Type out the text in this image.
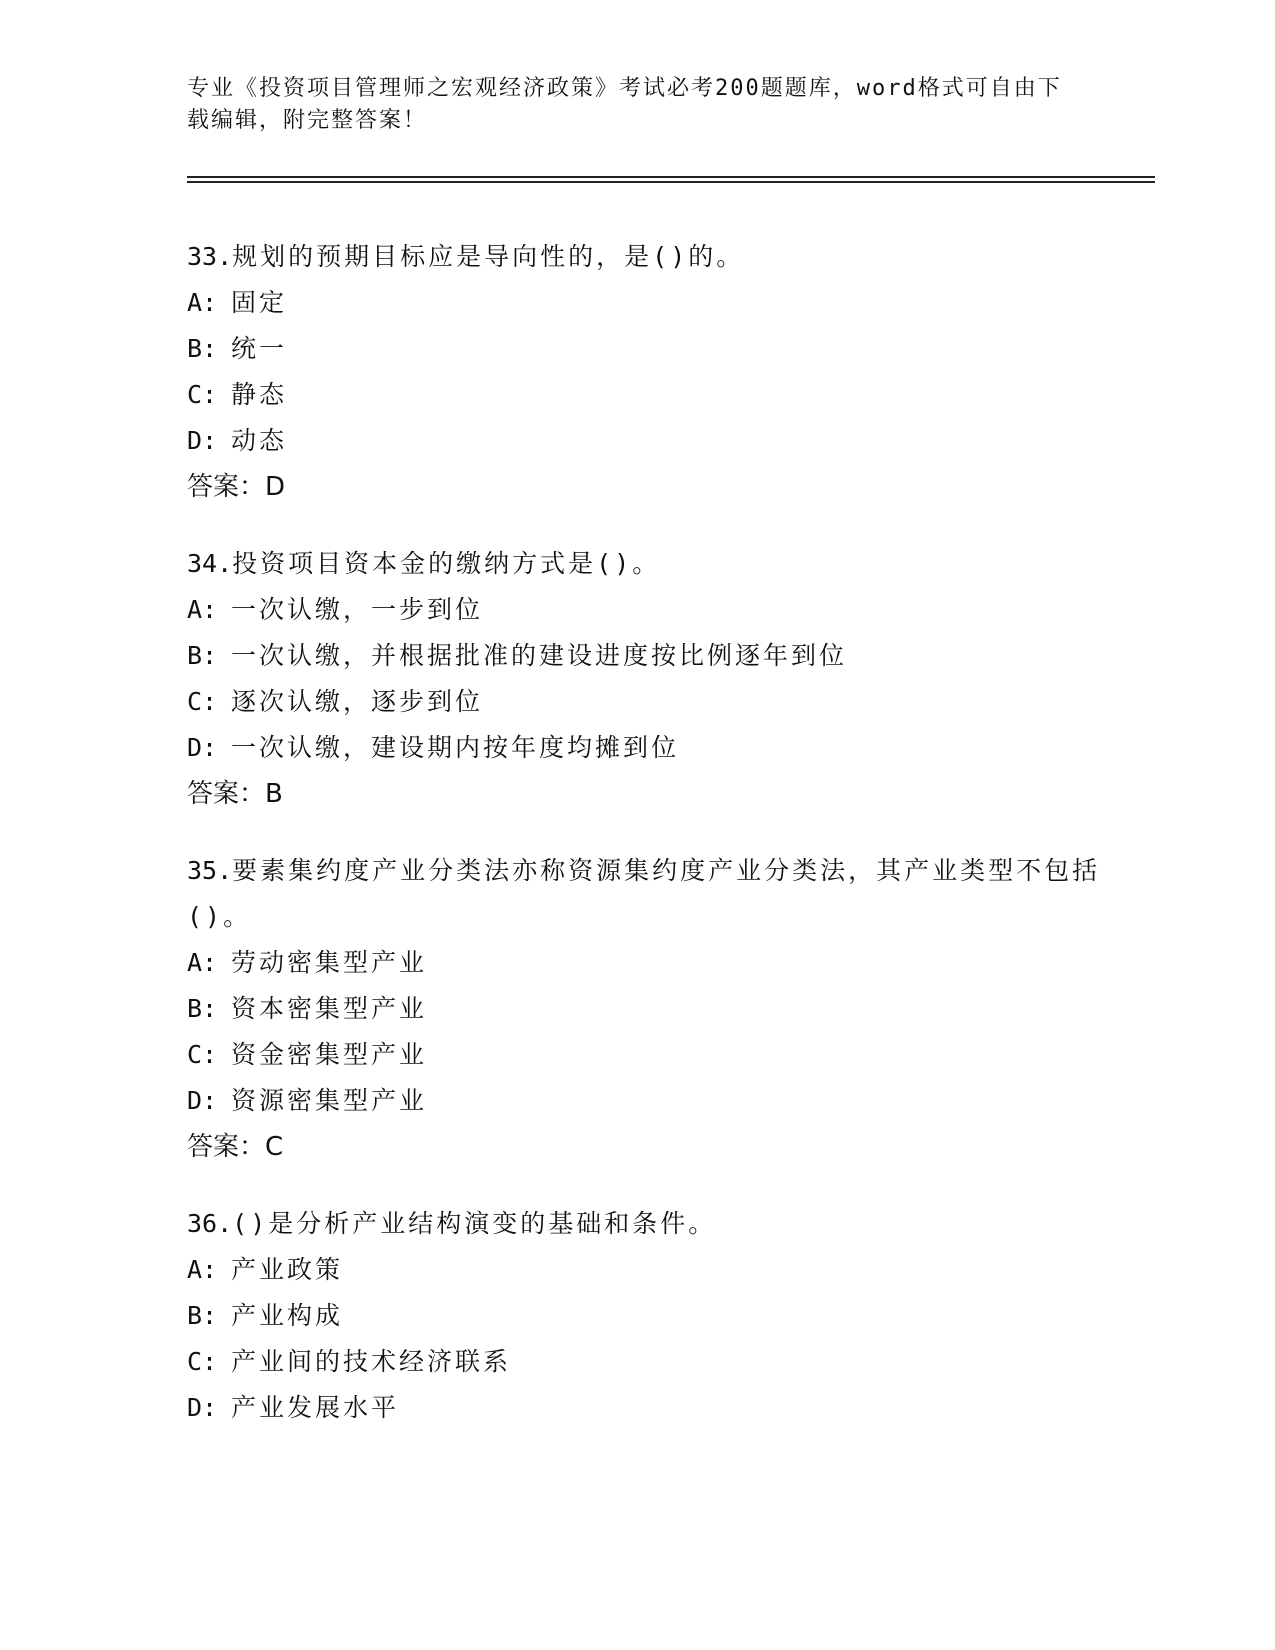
专业《投资项目管理师之宏观经济政策》考试必考200题题库，word格式可自由下载编辑，附完整答案！

33.规划的预期目标应是导向性的，是()的。

A: 固定

B: 统一

C: 静态

D: 动态

答案：D

34.投资项目资本金的缴纳方式是()。

A: 一次认缴，一步到位

B: 一次认缴，并根据批准的建设进度按比例逐年到位

C: 逐次认缴，逐步到位

D: 一次认缴，建设期内按年度均摊到位

答案：B

35.要素集约度产业分类法亦称资源集约度产业分类法，其产业类型不包括()。

A: 劳动密集型产业

B: 资本密集型产业

C: 资金密集型产业

D: 资源密集型产业

答案：C

36.()是分析产业结构演变的基础和条件。

A: 产业政策

B: 产业构成

C: 产业间的技术经济联系

D: 产业发展水平
